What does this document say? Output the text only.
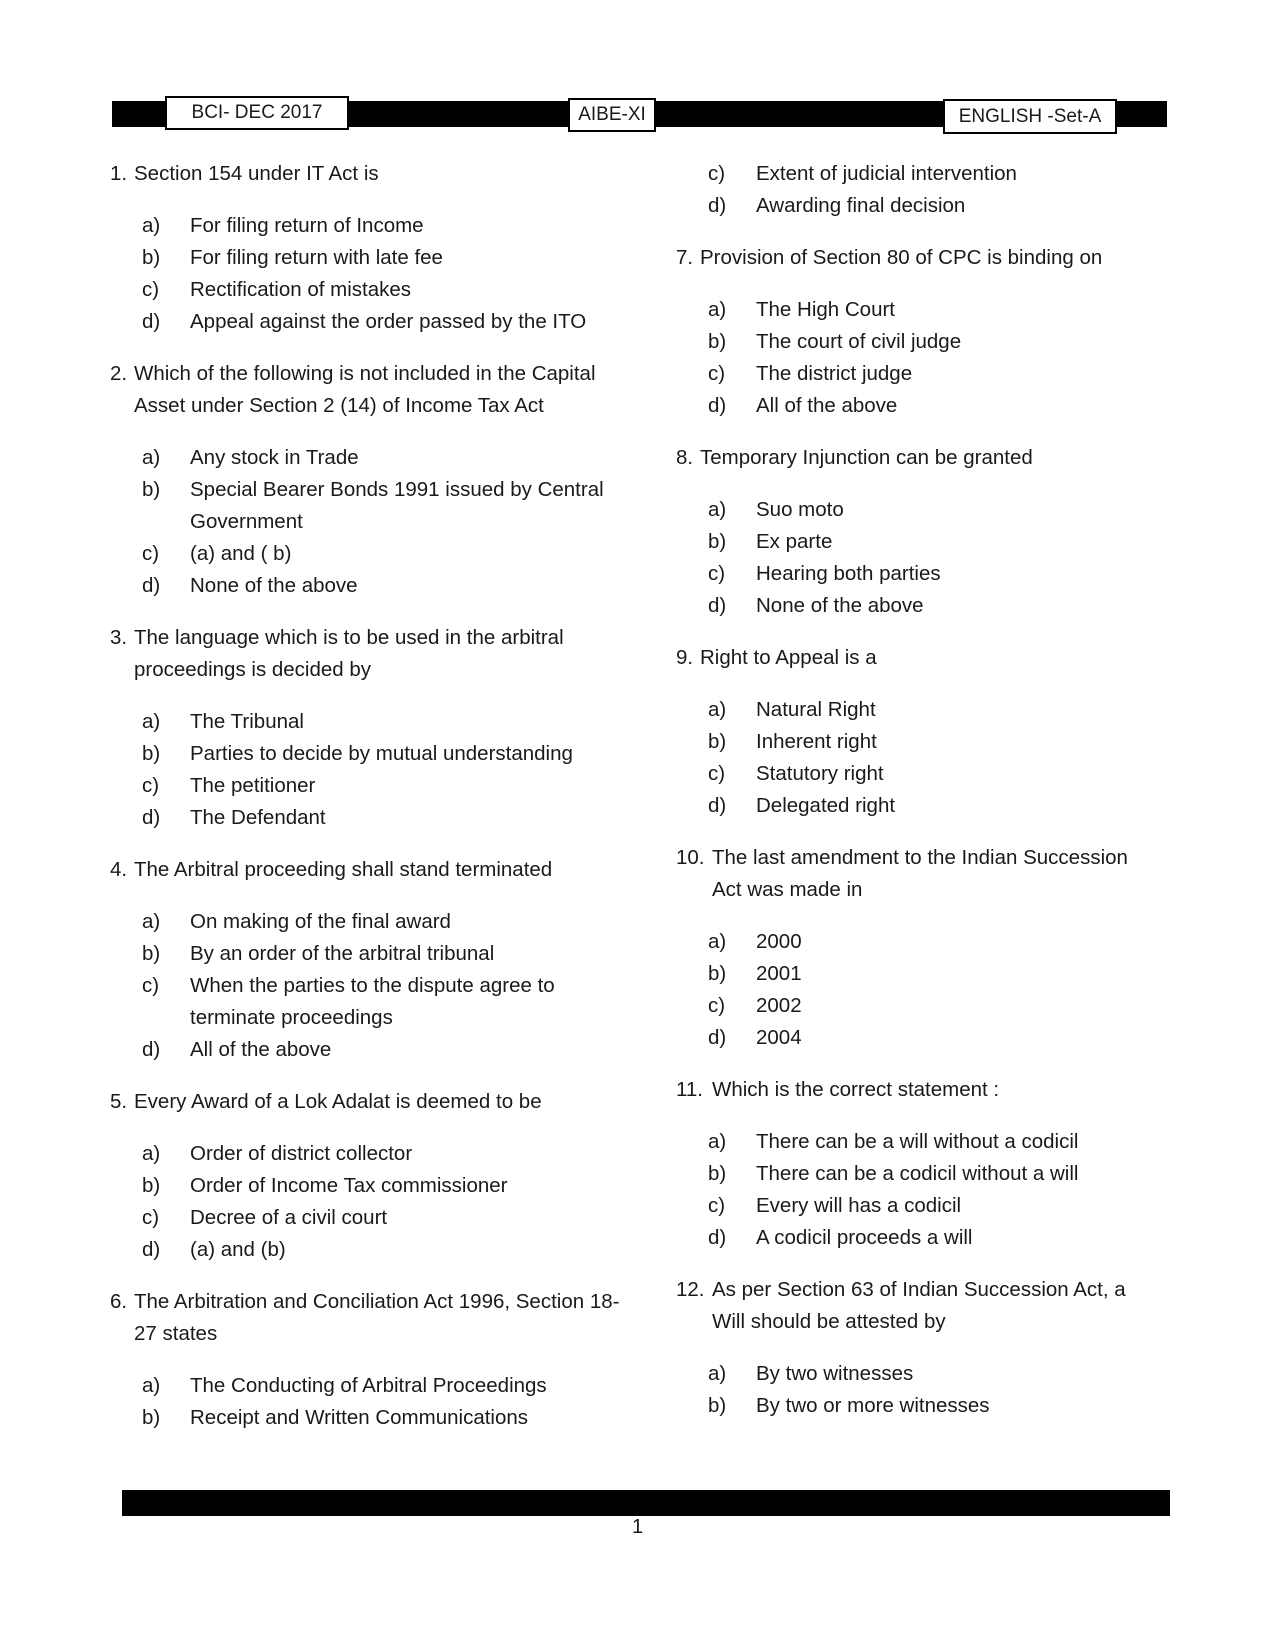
BCI- DEC 2017	AIBE-XI	ENGLISH -Set-A
1. Section 154 under IT Act is
a)	For filing return of Income
b)	For filing return with late fee
c)	Rectification of mistakes
d)	Appeal against the order passed by the ITO
2. Which of the following is not included in the Capital Asset under Section 2 (14) of Income Tax Act
a)	Any stock in Trade
b)	Special Bearer Bonds 1991 issued by Central Government
c)	(a) and ( b)
d)	None of the above
3. The language which is to be used in the arbitral proceedings is decided by
a)	The Tribunal
b)	Parties to decide by mutual understanding
c)	The petitioner
d)	The Defendant
4. The Arbitral proceeding shall stand terminated
a)	On making of the final award
b)	By an order of the arbitral tribunal
c)	When the parties to the dispute agree to terminate proceedings
d)	All of the above
5. Every Award of a Lok Adalat is deemed to be
a)	Order of district collector
b)	Order of Income Tax commissioner
c)	Decree of a civil court
d)	(a) and (b)
6. The Arbitration and Conciliation Act 1996, Section 18-27 states
a)	The Conducting of Arbitral Proceedings
b)	Receipt and Written Communications
c)	Extent of judicial intervention
d)	Awarding final decision
7. Provision of Section 80 of CPC is binding on
a)	The High Court
b)	The court of civil judge
c)	The district judge
d)	All of the above
8. Temporary Injunction can be granted
a)	Suo moto
b)	Ex parte
c)	Hearing both parties
d)	None of the above
9. Right to Appeal is a
a)	Natural Right
b)	Inherent right
c)	Statutory right
d)	Delegated right
10. The last amendment to the Indian Succession Act was made in
a)	2000
b)	2001
c)	2002
d)	2004
11. Which is the correct statement :
a)	There can be a will without a codicil
b)	There can be a codicil without a will
c)	Every will has a codicil
d)	A codicil proceeds a will
12. As per Section 63 of Indian Succession Act, a Will should be attested by
a)	By two witnesses
b)	By two or more witnesses
1
